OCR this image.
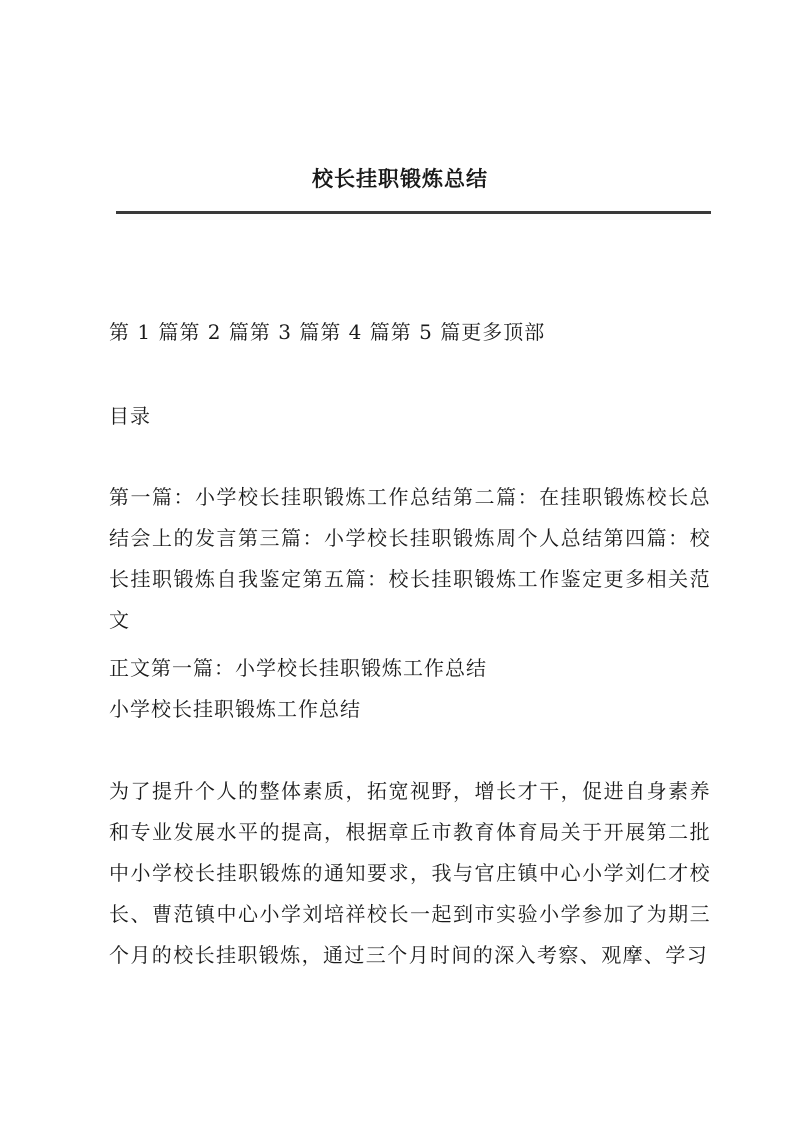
校长挂职锻炼总结
第 1 篇第 2 篇第 3 篇第 4 篇第 5 篇更多顶部
目录
第一篇：小学校长挂职锻炼工作总结第二篇：在挂职锻炼校长总结会上的发言第三篇：小学校长挂职锻炼周个人总结第四篇：校长挂职锻炼自我鉴定第五篇：校长挂职锻炼工作鉴定更多相关范文
正文第一篇：小学校长挂职锻炼工作总结
小学校长挂职锻炼工作总结
为了提升个人的整体素质，拓宽视野，增长才干，促进自身素养和专业发展水平的提高，根据章丘市教育体育局关于开展第二批中小学校长挂职锻炼的通知要求，我与官庄镇中心小学刘仁才校长、曹范镇中心小学刘培祥校长一起到市实验小学参加了为期三个月的校长挂职锻炼，通过三个月时间的深入考察、观摩、学习
